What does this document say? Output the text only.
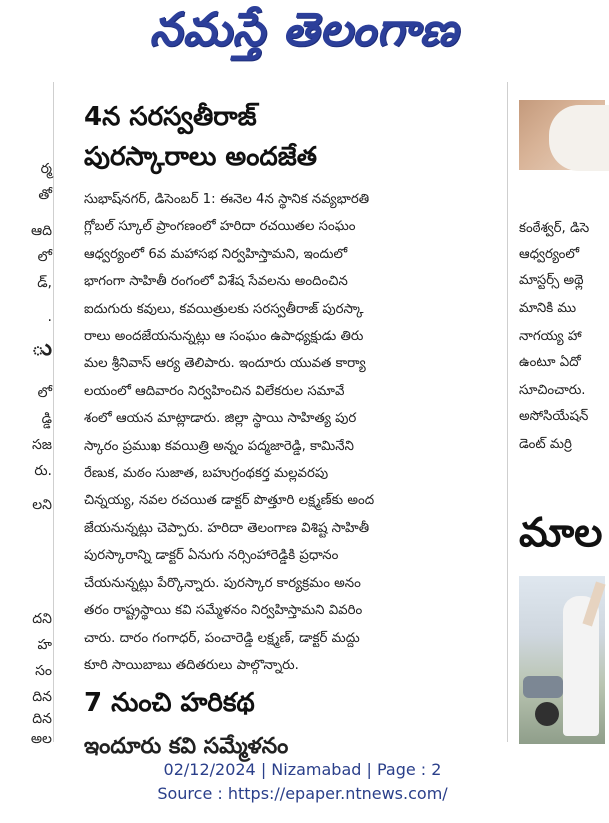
నమస్తే తెలంగాణ
ర్మ
తో
ఆది
లో
డ్,
.
ు
లో
డ్డి
సజ
రు.
లని
దని
హ
సం
దిన
దిన
అల
4న సరస్వతీరాజ్
పురస్కారాలు అందజేత
సుభాష్‌నగర్, డిసెంబర్ 1: ఈనెల 4న స్థానిక నవ్యభారతి
గ్లోబల్ స్కూల్ ప్రాంగణంలో హరిదా రచయితల సంఘం
ఆధ్వర్యంలో 6వ మహాసభ నిర్వహిస్తామని, ఇందులో
భాగంగా సాహితీ రంగంలో విశేష సేవలను అందించిన
ఐదుగురు కవులు, కవయిత్రులకు సరస్వతీరాజ్ పురస్కా
రాలు అందజేయనున్నట్లు ఆ సంఘం ఉపాధ్యక్షుడు తిరు
మల శ్రీనివాస్ ఆర్య తెలిపారు. ఇందూరు యువత కార్యా
లయంలో ఆదివారం నిర్వహించిన విలేకరుల సమావే
శంలో ఆయన మాట్లాడారు. జిల్లా స్థాయి సాహిత్య పుర
స్కారం ప్రముఖ కవయిత్రి అన్నం పద్మజారెడ్డి, కామినేని
రేణుక, మఠం సుజాత, బహుగ్రంథకర్త మల్లవరపు
చిన్నయ్య, నవల రచయిత డాక్టర్ పొత్తూరి లక్ష్మణ్‌కు అంద
జేయనున్నట్లు చెప్పారు. హరిదా తెలంగాణ విశిష్ట సాహితీ
పురస్కారాన్ని డాక్టర్ ఏనుగు నర్సింహారెడ్డికి ప్రధానం
చేయనున్నట్లు పేర్కొన్నారు. పురస్కార కార్యక్రమం అనం
తరం రాష్ట్రస్థాయి కవి సమ్మేళనం నిర్వహిస్తామని వివరిం
చారు. దారం గంగాధర్, పంచారెడ్డి లక్ష్మణ్, డాక్టర్ మద్దు
కూరి సాయిబాబు తదితరులు పాల్గొన్నారు.
7 నుంచి హరికథ
ఇందూరు కవి సమ్మేళనం
కంఠేశ్వర్, డిసె
ఆధ్వర్యంలో
మాస్టర్స్ అథ్లె
మానికి ము
నాగయ్య హా
ఉంటూ ఏదో
సూచించారు.
అసోసియేషన్
డెంట్ మర్రి
మాల
02/12/2024 | Nizamabad | Page : 2
Source : https://epaper.ntnews.com/
